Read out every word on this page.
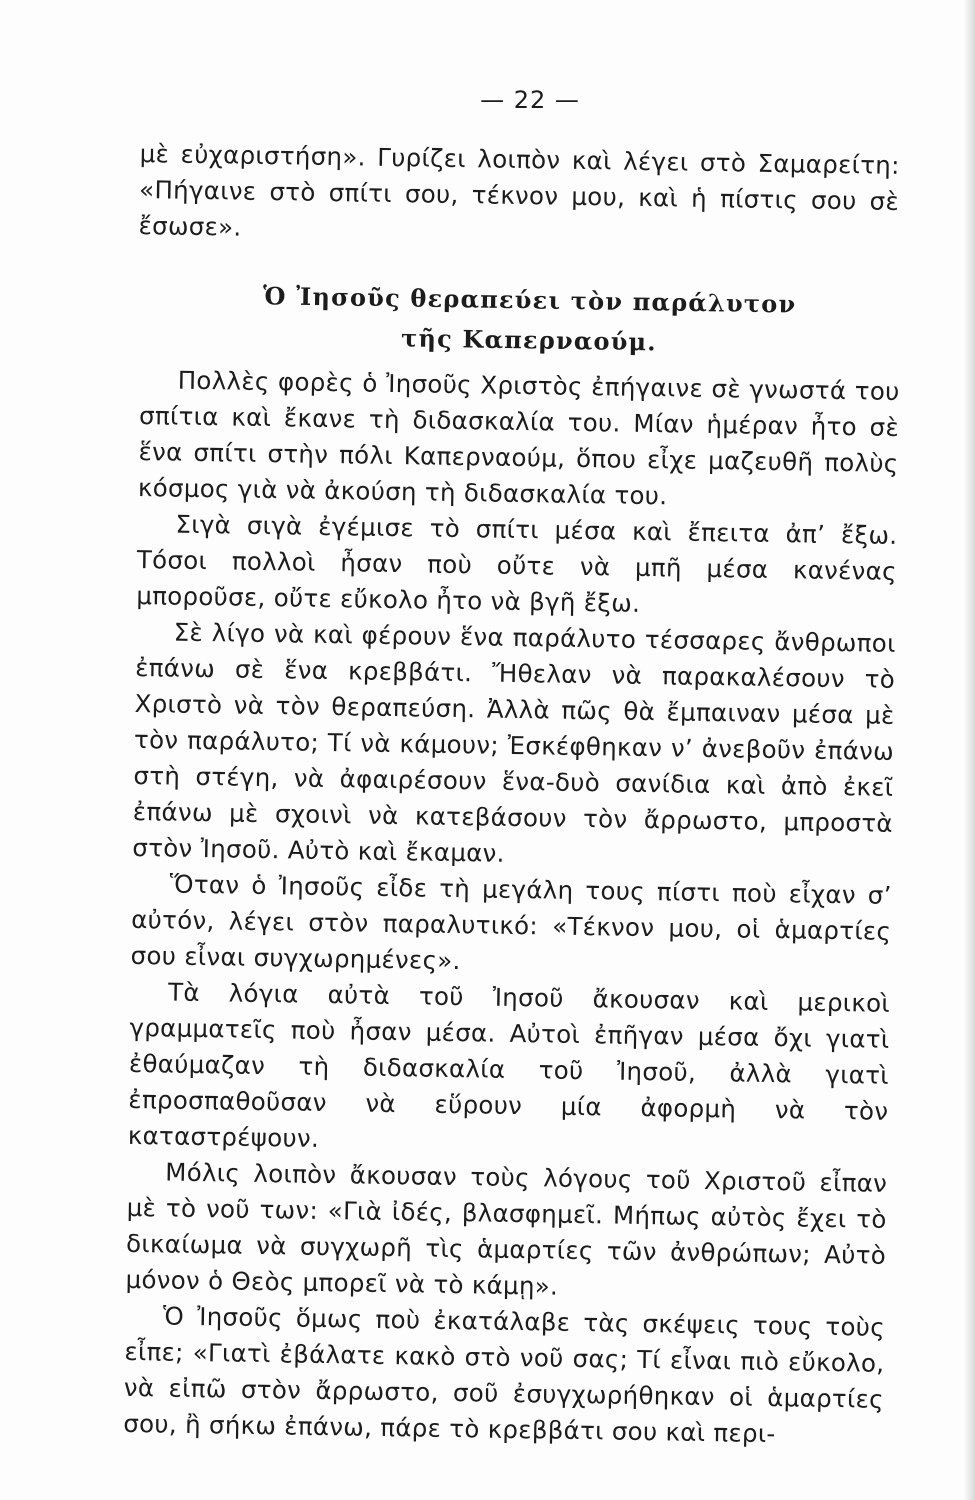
— 22 —

μὲ εὐχαριστήση». Γυρίζει λοιπὸν καὶ λέγει στὸ Σαμαρείτη: «Πήγαινε στὸ σπίτι σου, τέκνον μου, καὶ ἡ πίστις σου σὲ ἔσωσε».

Ὁ Ἰησοῦς θεραπεύει τὸν παράλυτον
τῆς Καπερναούμ.

Πολλὲς φορὲς ὁ Ἰησοῦς Χριστὸς ἐπήγαινε σὲ γνωστά του σπίτια καὶ ἔκανε τὴ διδασκαλία του. Μίαν ἡμέραν ἦτο σὲ ἕνα σπίτι στὴν πόλι Καπερναούμ, ὅπου εἶχε μαζευθῆ πολὺς κόσμος γιὰ νὰ ἀκούση τὴ διδασκαλία του.

Σιγὰ σιγὰ ἐγέμισε τὸ σπίτι μέσα καὶ ἔπειτα ἀπ’ ἔξω. Τόσοι πολλοὶ ἦσαν ποὺ οὔτε νὰ μπῆ μέσα κανένας μποροῦσε, οὔτε εὔκολο ἦτο νὰ βγῆ ἔξω.

Σὲ λίγο νὰ καὶ φέρουν ἕνα παράλυτο τέσσαρες ἄνθρωποι ἐπάνω σὲ ἕνα κρεββάτι. Ἤθελαν νὰ παρακαλέσουν τὸ Χριστὸ νὰ τὸν θεραπεύση. Ἀλλὰ πῶς θὰ ἔμπαιναν μέσα μὲ τὸν παράλυτο; Τί νὰ κάμουν; Ἐσκέφθηκαν ν’ ἀνεβοῦν ἐπάνω στὴ στέγη, νὰ ἀφαιρέσουν ἕνα-δυὸ σανίδια καὶ ἀπὸ ἐκεῖ ἐπάνω μὲ σχοινὶ νὰ κατεβάσουν τὸν ἄρρωστο, μπροστὰ στὸν Ἰησοῦ. Αὐτὸ καὶ ἔκαμαν.

Ὅταν ὁ Ἰησοῦς εἶδε τὴ μεγάλη τους πίστι ποὺ εἶχαν σ’ αὐτόν, λέγει στὸν παραλυτικό: «Τέκνον μου, οἱ ἁμαρτίες σου εἶναι συγχωρημένες».

Τὰ λόγια αὐτὰ τοῦ Ἰησοῦ ἄκουσαν καὶ μερικοὶ γραμματεῖς ποὺ ἦσαν μέσα. Αὐτοὶ ἐπῆγαν μέσα ὄχι γιατὶ ἐθαύμαζαν τὴ διδασκαλία τοῦ Ἰησοῦ, ἀλλὰ γιατὶ ἐπροσπαθοῦσαν νὰ εὕρουν μία ἀφορμὴ νὰ τὸν καταστρέψουν.

Μόλις λοιπὸν ἄκουσαν τοὺς λόγους τοῦ Χριστοῦ εἶπαν μὲ τὸ νοῦ των: «Γιὰ ἰδές, βλασφημεῖ. Μήπως αὐτὸς ἔχει τὸ δικαίωμα νὰ συγχωρῆ τὶς ἁμαρτίες τῶν ἀνθρώπων; Αὐτὸ μόνον ὁ Θεὸς μπορεῖ νὰ τὸ κάμῃ».

Ὁ Ἰησοῦς ὅμως ποὺ ἐκατάλαβε τὰς σκέψεις τους τοὺς εἶπε; «Γιατὶ ἐβάλατε κακὸ στὸ νοῦ σας; Τί εἶναι πιὸ εὔκολο, νὰ εἰπῶ στὸν ἄρρωστο, σοῦ ἐσυγχωρήθηκαν οἱ ἁμαρτίες σου, ἢ σήκω ἐπάνω, πάρε τὸ κρεββάτι σου καὶ περι-
